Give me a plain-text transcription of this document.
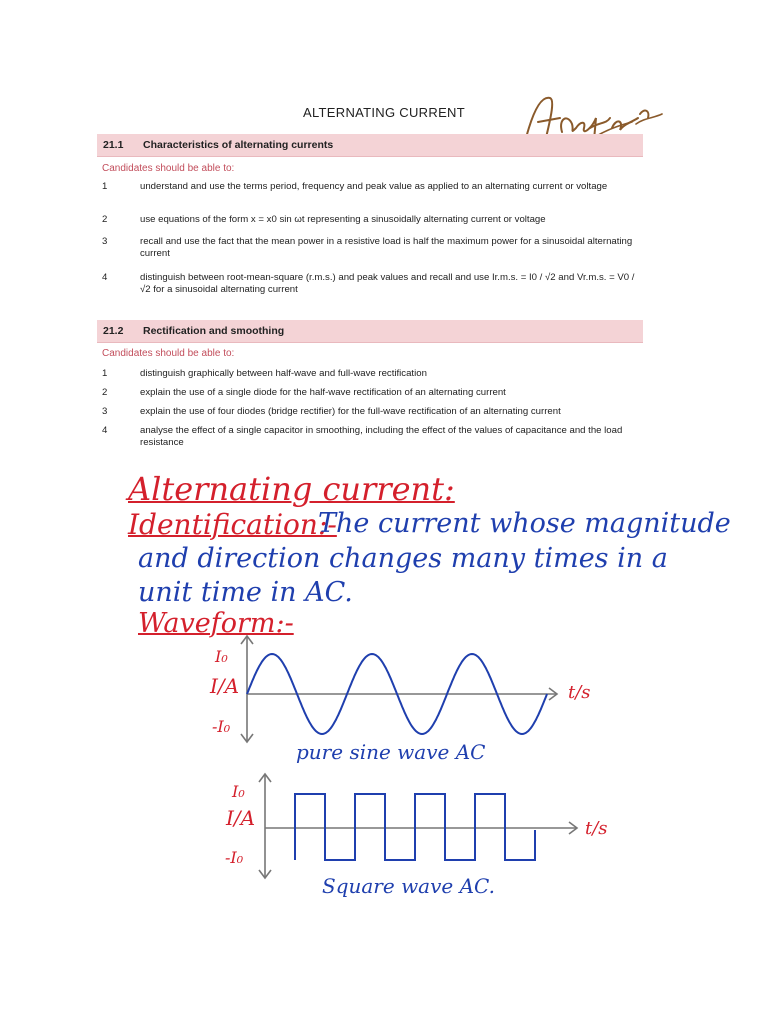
ALTERNATING CURRENT
21.1 Characteristics of alternating currents
Candidates should be able to:
1	understand and use the terms period, frequency and peak value as applied to an alternating current or voltage
2	use equations of the form x = x0 sin ωt representing a sinusoidally alternating current or voltage
3	recall and use the fact that the mean power in a resistive load is half the maximum power for a sinusoidal alternating current
4	distinguish between root-mean-square (r.m.s.) and peak values and recall and use Ir.m.s. = I0 / √2 and Vr.m.s. = V0 / √2 for a sinusoidal alternating current
21.2 Rectification and smoothing
Candidates should be able to:
1	distinguish graphically between half-wave and full-wave rectification
2	explain the use of a single diode for the half-wave rectification of an alternating current
3	explain the use of four diodes (bridge rectifier) for the full-wave rectification of an alternating current
4	analyse the effect of a single capacitor in smoothing, including the effect of the values of capacitance and the load resistance
Alternating current:
Identification:-
The current whose magnitude
and direction changes many times in a
unit time in AC.
Waveform:-
I₀
I/A
-I₀
t/s
pure sine wave AC
I₀
I/A
-I₀
t/s
Square wave AC.
